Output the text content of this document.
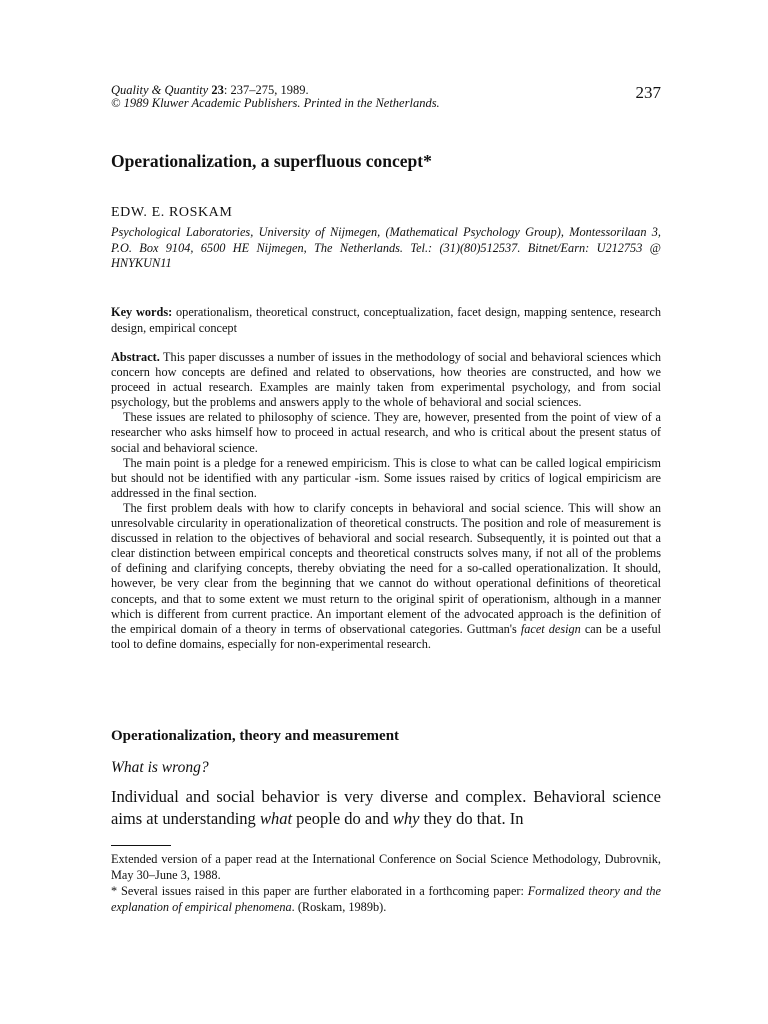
Quality & Quantity 23: 237–275, 1989.
© 1989 Kluwer Academic Publishers. Printed in the Netherlands.
237
Operationalization, a superfluous concept*
EDW. E. ROSKAM
Psychological Laboratories, University of Nijmegen, (Mathematical Psychology Group), Montessorilaan 3, P.O. Box 9104, 6500 HE Nijmegen, The Netherlands. Tel.: (31)(80)512537. Bitnet/Earn: U212753 @ HNYKUN11
Key words: operationalism, theoretical construct, conceptualization, facet design, mapping sentence, research design, empirical concept

Abstract. This paper discusses a number of issues in the methodology of social and behavioral sciences which concern how concepts are defined and related to observations, how theories are constructed, and how we proceed in actual research. Examples are mainly taken from experimental psychology, and from social psychology, but the problems and answers apply to the whole of behavioral and social sciences.

These issues are related to philosophy of science. They are, however, presented from the point of view of a researcher who asks himself how to proceed in actual research, and who is critical about the present status of social and behavioral science.

The main point is a pledge for a renewed empiricism. This is close to what can be called logical empiricism but should not be identified with any particular -ism. Some issues raised by critics of logical empiricism are addressed in the final section.

The first problem deals with how to clarify concepts in behavioral and social science. This will show an unresolvable circularity in operationalization of theoretical constructs. The position and role of measurement is discussed in relation to the objectives of behavioral and social research. Subsequently, it is pointed out that a clear distinction between empirical concepts and theoretical constructs solves many, if not all of the problems of defining and clarifying concepts, thereby obviating the need for a so-called operationalization. It should, however, be very clear from the beginning that we cannot do without operational definitions of theoretical concepts, and that to some extent we must return to the original spirit of operationism, although in a manner which is different from current practice. An important element of the advocated approach is the definition of the empirical domain of a theory in terms of observational categories. Guttman's facet design can be a useful tool to define domains, especially for non-experimental research.

Operationalization, theory and measurement
What is wrong?
Individual and social behavior is very diverse and complex. Behavioral science aims at understanding what people do and why they do that. In

Extended version of a paper read at the International Conference on Social Science Methodology, Dubrovnik, May 30–June 3, 1988.

* Several issues raised in this paper are further elaborated in a forthcoming paper: Formalized theory and the explanation of empirical phenomena. (Roskam, 1989b).
